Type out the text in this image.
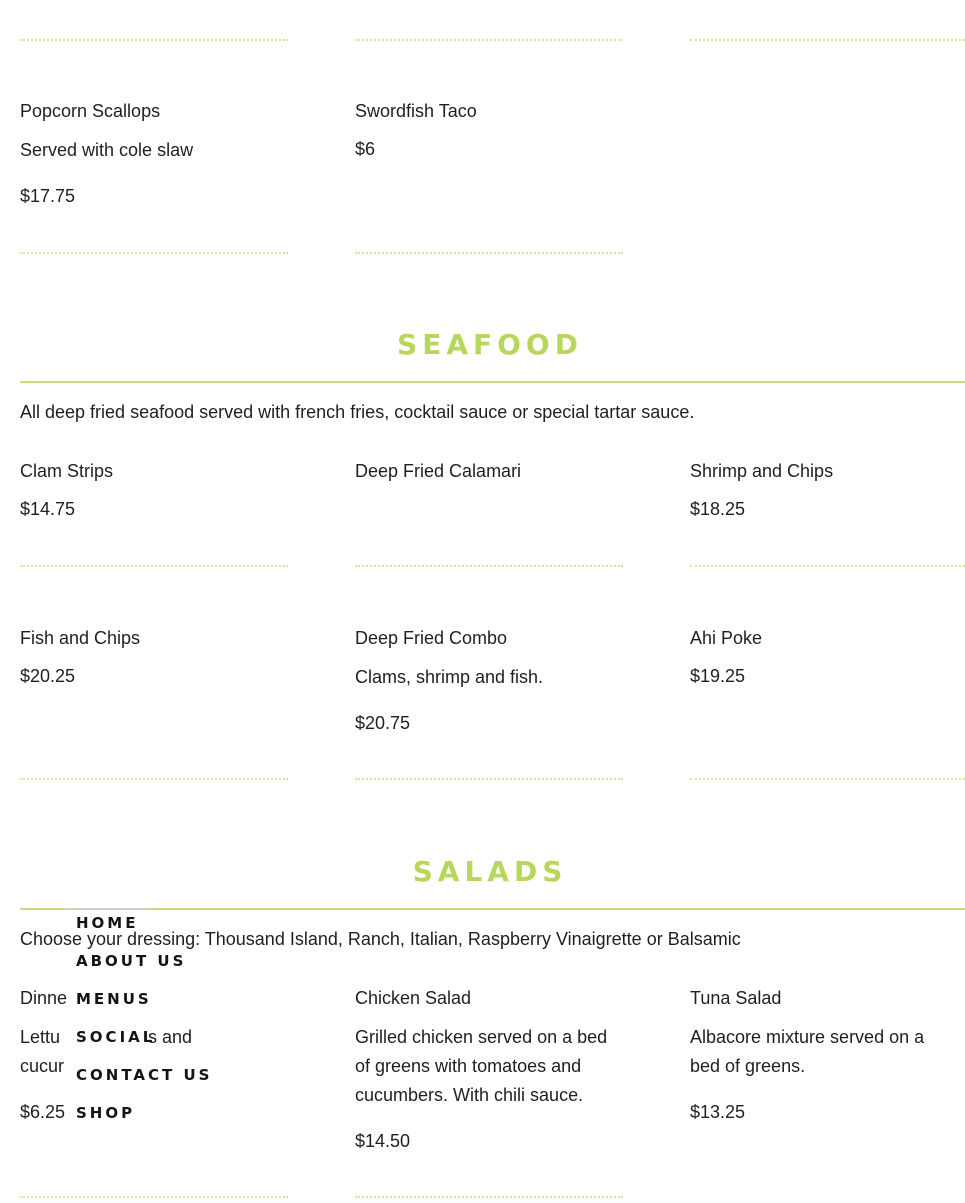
Popcorn Scallops
Served with cole slaw
$17.75
Swordfish Taco
$6
SEAFOOD

All deep fried seafood served with french fries, cocktail sauce or special tartar sauce.

Clam Strips
$14.75
Deep Fried Calamari	Shrimp and Chips
$18.25
Fish and Chips
$20.25
Deep Fried Combo
Clams, shrimp and fish.
$20.75
Ahi Poke
$19.25
SALADS

Choose your dressing: Thousand Island, Ranch, Italian, Raspberry Vinaigrette or Balsamic

Dinne
Lettu	s and
cucur
$6.25
Chicken Salad
Grilled chicken served on a bed of greens with tomatoes and cucumbers. With chili sauce.
$14.50
Tuna Salad
Albacore mixture served on a bed of greens.
$13.25
HOME
ABOUT US
MENUS
SOCIAL
CONTACT US
SHOP
